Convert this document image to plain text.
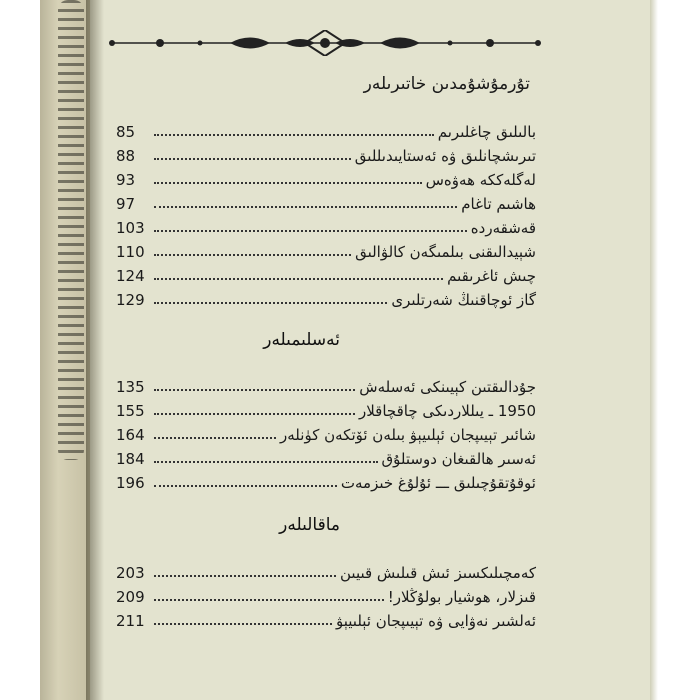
تۇرمۇشۇمدىن خاتىرىلەر
85	بالىلىق چاغلىرىم
88	تىرىشچانلىق ۋە ئەستايىدىللىق
93	لەگلەككە ھەۋەس
97	ھاشىم تاغام
103	قەشقەردە
110	شېيدالىقنى بىلمىگەن كالۋالىق
124	چىش ئاغرىقىم
129	گاز ئوچاقنىڭ شەرتلىرى
ئەسلىمىلەر
135	جۇدالىقتىن كېيىنكى ئەسلەش
155	1950 ـ يىللاردىكى چاقچاقلار
164	شائىر تېيىپجان ئېلىيېۋ بىلەن ئۆتكەن كۈنلەر
184	ئەسىر ھالقىغان دوستلۇق
196	ئوقۇتقۇچىلىق ـــ ئۇلۇغ خىزمەت
ماقالىلەر
203	كەمچىلىكسىز ئىش قىلىش قىيىن
209	قىزلار، ھوشيار بولۇڭلار!
211	ئەلشىر نەۋايى ۋە تېيىپجان ئېلىيېۋ
